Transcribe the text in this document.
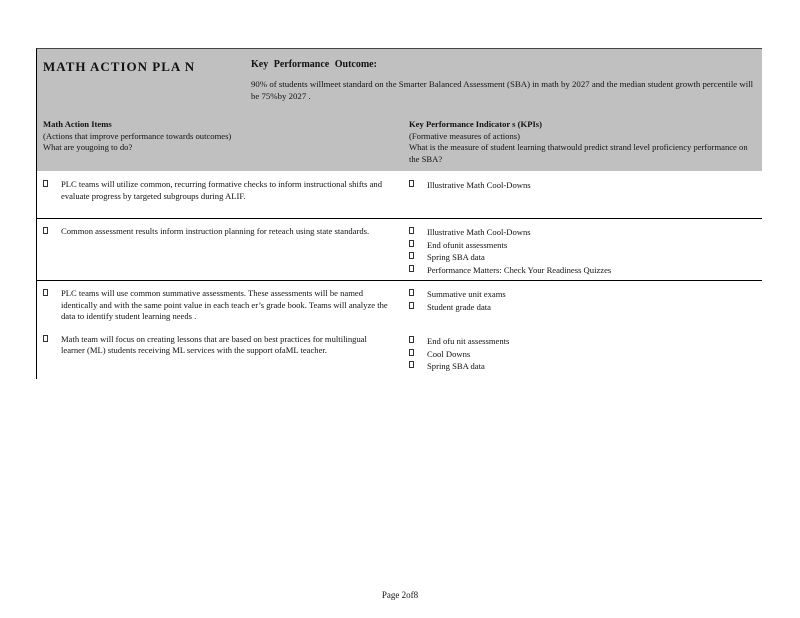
MATH ACTION PLA N	Key Performance Outcome:
90% of students willmeet standard on the Smarter Balanced Assessment (SBA) in math by 2027 and the median student growth percentile will be 75%by 2027 .
Math Action Items
(Actions that improve performance towards outcomes)
What are yougoing to do?
Key Performance Indicator s (KPIs)
(Formative measures of actions)
What is the measure of student learning thatwould predict strand level proficiency performance on the SBA?
PLC teams will utilize common, recurring formative checks to inform instructional shifts and evaluate progress by targeted subgroups during ALIF.
Illustrative Math Cool-Downs
Common assessment results inform instruction planning for reteach using state standards.	Illustrative Math Cool-Downs
End ofunit assessments
Spring SBA data
Performance Matters: Check Your Readiness Quizzes
PLC teams will use common summative assessments. These assessments will be named identically and with the same point value in each teach er’s grade book. Teams will analyze the data to identify student learning needs .
Math team will focus on creating lessons that are based on best practices for multilingual learner (ML) students receiving ML services with the support ofaML teacher.
Summative unit exams
Student grade data
End ofu nit assessments
Cool Downs
Spring SBA data
Page 2of8
